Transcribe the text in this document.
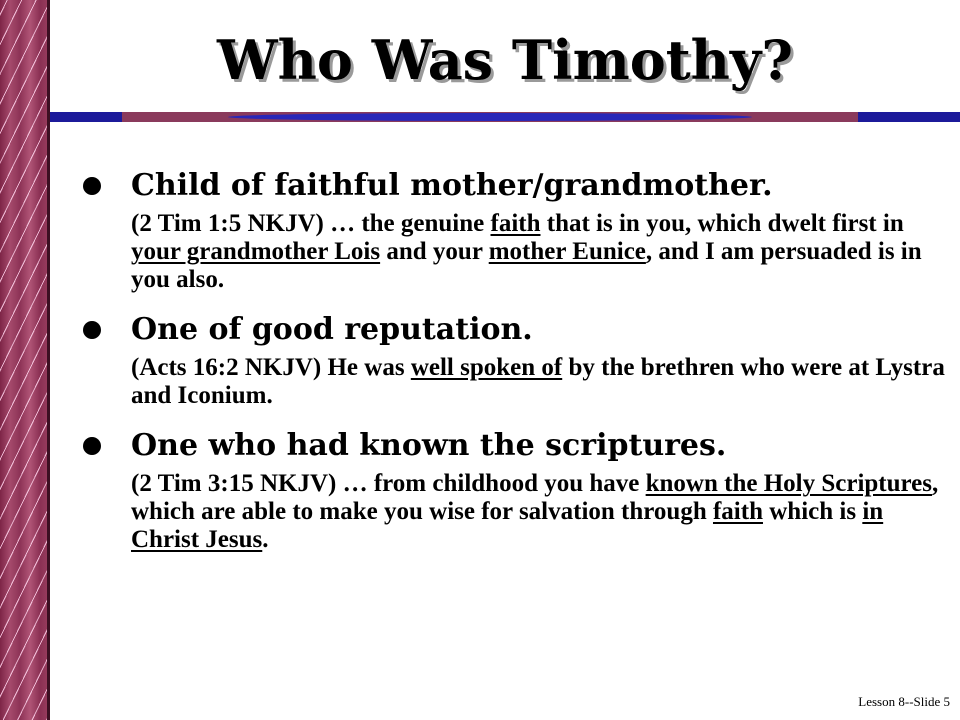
Who Was Timothy?

Child of faithful mother/grandmother.

(2 Tim 1:5 NKJV) … the genuine faith that is in you, which dwelt first in your grandmother Lois and your mother Eunice, and I am persuaded is in you also.

One of good reputation.

(Acts 16:2 NKJV) He was well spoken of by the brethren who were at Lystra and Iconium.

One who had known the scriptures.

(2 Tim 3:15 NKJV) … from childhood you have known the Holy Scriptures, which are able to make you wise for salvation through faith which is in Christ Jesus.

Lesson 8--Slide 5
